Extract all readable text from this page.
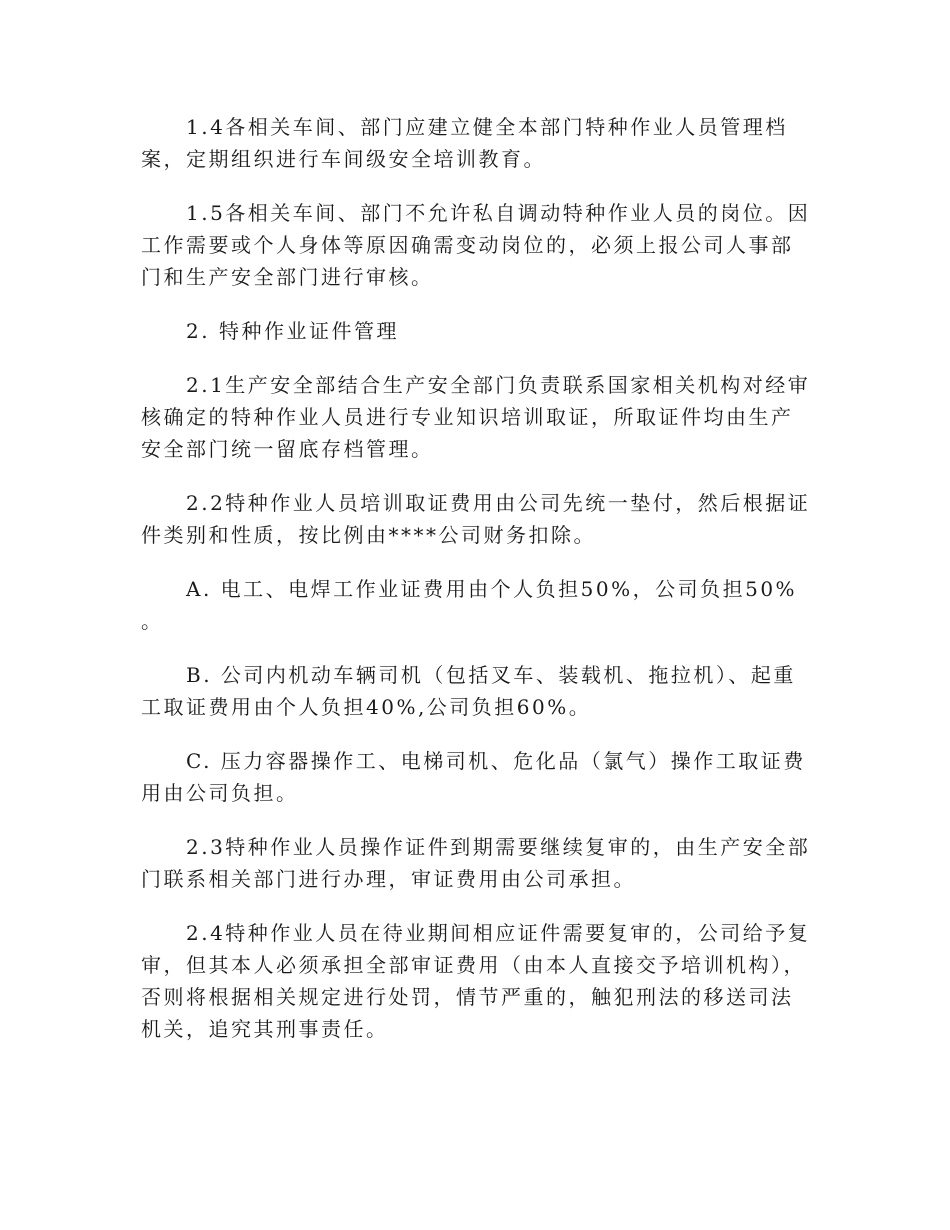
1.4各相关车间、部门应建立健全本部门特种作业人员管理档案，定期组织进行车间级安全培训教育。

1.5各相关车间、部门不允许私自调动特种作业人员的岗位。因工作需要或个人身体等原因确需变动岗位的，必须上报公司人事部门和生产安全部门进行审核。

2. 特种作业证件管理

2.1生产安全部结合生产安全部门负责联系国家相关机构对经审核确定的特种作业人员进行专业知识培训取证，所取证件均由生产安全部门统一留底存档管理。

2.2特种作业人员培训取证费用由公司先统一垫付，然后根据证件类别和性质，按比例由****公司财务扣除。

A. 电工、电焊工作业证费用由个人负担50%，公司负担50% 。

B. 公司内机动车辆司机（包括叉车、装载机、拖拉机）、起重工取证费用由个人负担40%,公司负担60%。

C. 压力容器操作工、电梯司机、危化品（氯气）操作工取证费用由公司负担。

2.3特种作业人员操作证件到期需要继续复审的，由生产安全部门联系相关部门进行办理，审证费用由公司承担。

2.4特种作业人员在待业期间相应证件需要复审的，公司给予复审，但其本人必须承担全部审证费用（由本人直接交予培训机构），否则将根据相关规定进行处罚，情节严重的，触犯刑法的移送司法机关，追究其刑事责任。
